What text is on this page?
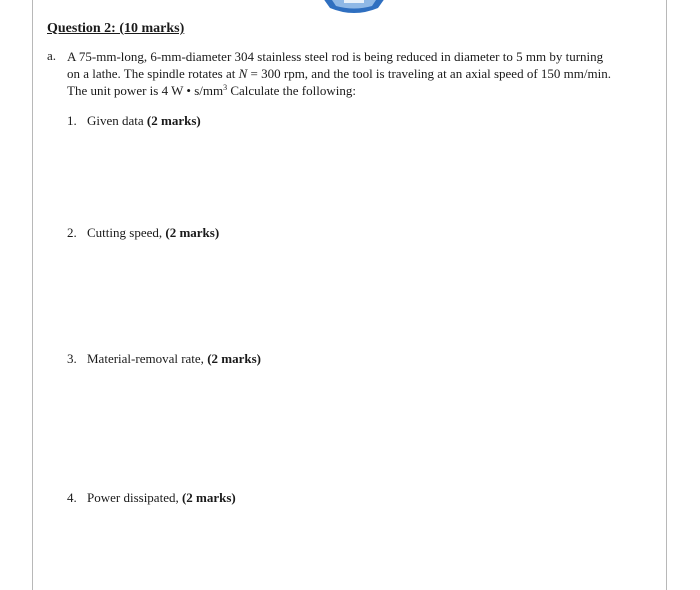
Question 2: (10 marks)
a. A 75-mm-long, 6-mm-diameter 304 stainless steel rod is being reduced in diameter to 5 mm by turning
on a lathe. The spindle rotates at N = 300 rpm, and the tool is traveling at an axial speed of 150 mm/min.
The unit power is 4 W • $s/mm^3$ Calculate the following:
1. Given data (2 marks)
2. Cutting speed, (2 marks)
3. Material-removal rate, (2 marks)
4. Power dissipated, (2 marks)
